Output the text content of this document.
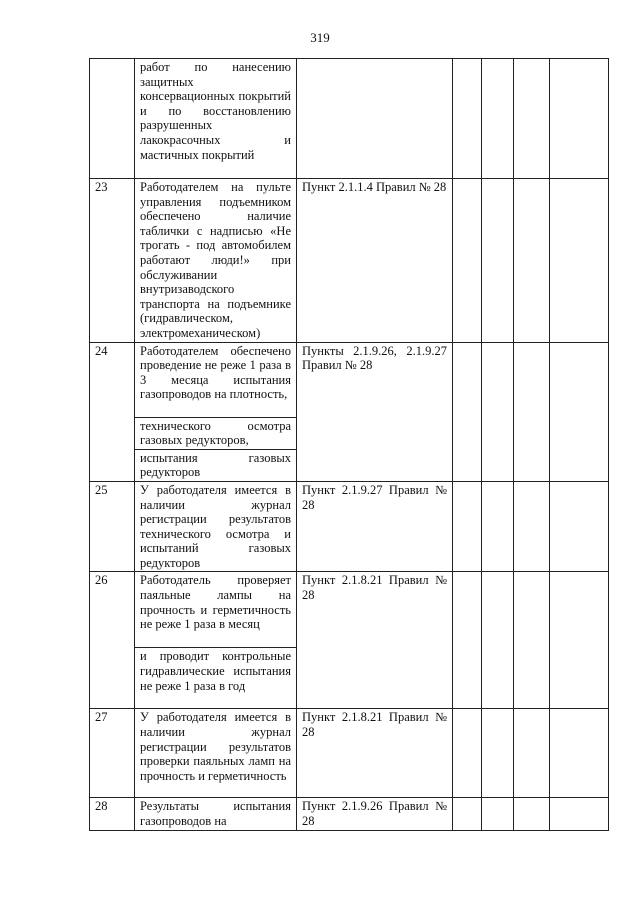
319
	работ по нанесению защитных консервационных покрытий и по восстановлению разрушенных лакокрасочных и мастичных покрытий					
23	Работодателем на пульте управления подъемником обеспечено наличие таблички с надписью «Не трогать - под автомобилем работают люди!» при обслуживании внутризаводского транспорта на подъемнике (гидравлическом, электромеханическом)	Пункт 2.1.1.4 Правил № 28				
24	Работодателем обеспечено проведение не реже 1 раза в 3 месяца испытания газопроводов на плотность,	Пункты 2.1.9.26, 2.1.9.27 Правил № 28				
	технического осмотра газовых редукторов,					
	испытания газовых редукторов					
25	У работодателя имеется в наличии журнал регистрации результатов технического осмотра и испытаний газовых редукторов	Пункт 2.1.9.27 Правил № 28				
26	Работодатель проверяет паяльные лампы на прочность и герметичность не реже 1 раза в месяц	Пункт 2.1.8.21 Правил № 28				
	и проводит контрольные гидравлические испытания не реже 1 раза в год					
27	У работодателя имеется в наличии журнал регистрации результатов проверки паяльных ламп на прочность и герметичность	Пункт 2.1.8.21 Правил № 28				
28	Результаты испытания газопроводов на	Пункт 2.1.9.26 Правил № 28				
